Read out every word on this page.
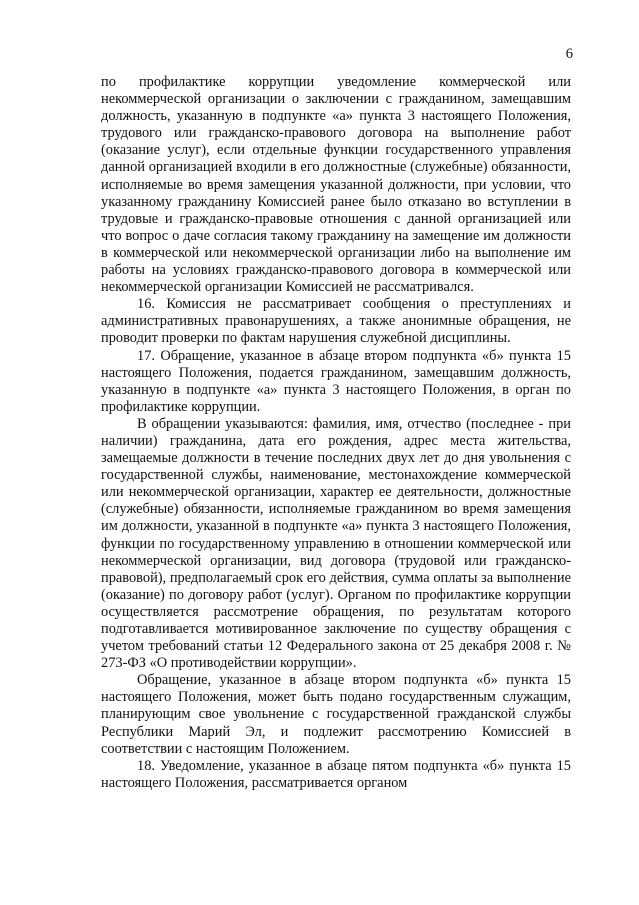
6

по профилактике коррупции уведомление коммерческой или некоммерческой организации о заключении с гражданином, замещавшим должность, указанную в подпункте «а» пункта 3 настоящего Положения, трудового или гражданско-правового договора на выполнение работ (оказание услуг), если отдельные функции государственного управления данной организацией входили в его должностные (служебные) обязанности, исполняемые во время замещения указанной должности, при условии, что указанному гражданину Комиссией ранее было отказано во вступлении в трудовые и гражданско-правовые отношения с данной организацией или что вопрос о даче согласия такому гражданину на замещение им должности в коммерческой или некоммерческой организации либо на выполнение им работы на условиях гражданско-правового договора в коммерческой или некоммерческой организации Комиссией не рассматривался.

16. Комиссия не рассматривает сообщения о преступлениях и административных правонарушениях, а также анонимные обращения, не проводит проверки по фактам нарушения служебной дисциплины.

17. Обращение, указанное в абзаце втором подпункта «б» пункта 15 настоящего Положения, подается гражданином, замещавшим должность, указанную в подпункте «а» пункта 3 настоящего Положения, в орган по профилактике коррупции.

В обращении указываются: фамилия, имя, отчество (последнее - при наличии) гражданина, дата его рождения, адрес места жительства, замещаемые должности в течение последних двух лет до дня увольнения с государственной службы, наименование, местонахождение коммерческой или некоммерческой организации, характер ее деятельности, должностные (служебные) обязанности, исполняемые гражданином во время замещения им должности, указанной в подпункте «а» пункта 3 настоящего Положения, функции по государственному управлению в отношении коммерческой или некоммерческой организации, вид договора (трудовой или гражданско-правовой), предполагаемый срок его действия, сумма оплаты за выполнение (оказание) по договору работ (услуг). Органом по профилактике коррупции осуществляется рассмотрение обращения, по результатам которого подготавливается мотивированное заключение по существу обращения с учетом требований статьи 12 Федерального закона от 25 декабря 2008 г. № 273-ФЗ «О противодействии коррупции».

Обращение, указанное в абзаце втором подпункта «б» пункта 15 настоящего Положения, может быть подано государственным служащим, планирующим свое увольнение с государственной гражданской службы Республики Марий Эл, и подлежит рассмотрению Комиссией в соответствии с настоящим Положением.

18. Уведомление, указанное в абзаце пятом подпункта «б» пункта 15 настоящего Положения, рассматривается органом
